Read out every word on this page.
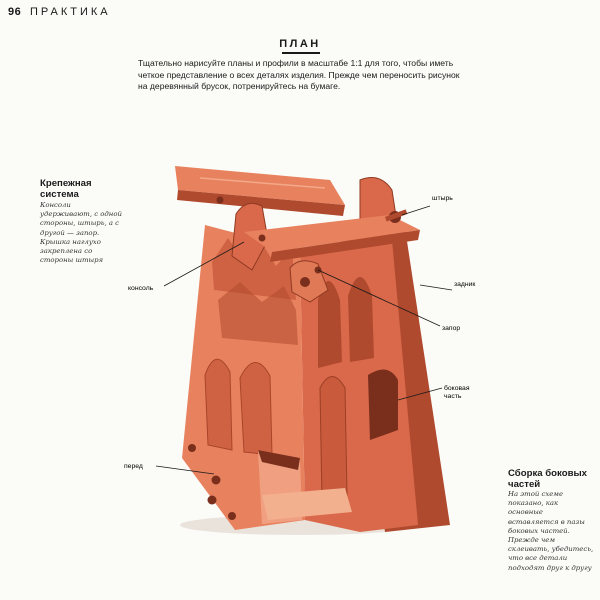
96 ПРАКТИКА
ПЛАН
Тщательно нарисуйте планы и профили в масштабе 1:1 для того, чтобы иметь четкое представление о всех деталях изделия. Прежде чем переносить рисунок на деревянный брусок, потренируйтесь на бумаге.
Крепежная система
Консоли удерживают, с одной стороны, штырь, а с другой — запор. Крышка наглухо закреплена со стороны штыря
Сборка боковых частей
На этой схеме показано, как основные вставляется в пазы боковых частей. Прежде чем склеивать, убедитесь, что все детали подходят друг к другу
штырь
консоль
задник
запор
боковая часть
перед
